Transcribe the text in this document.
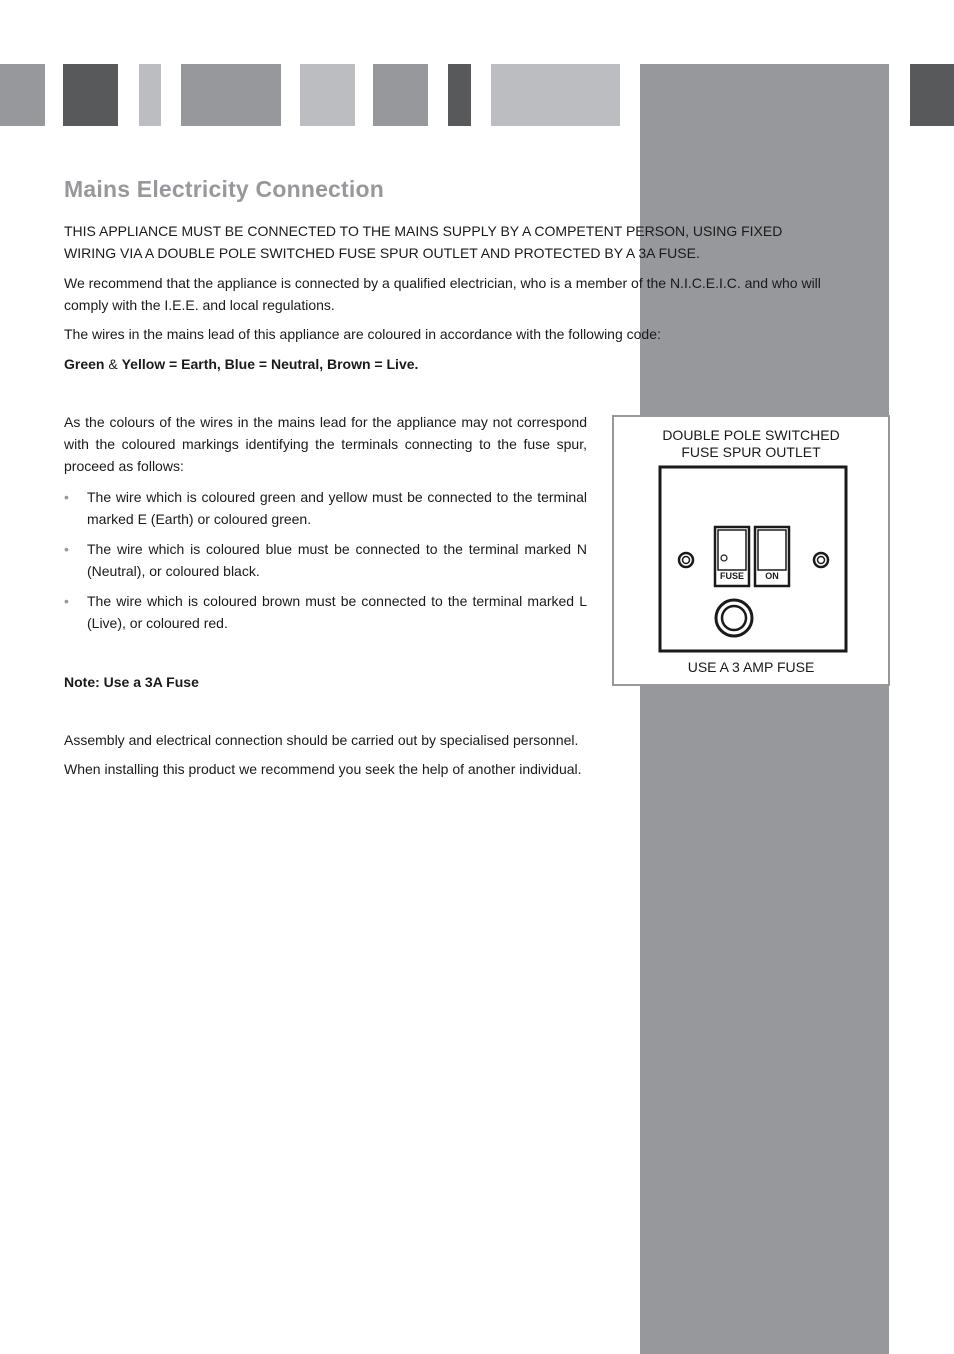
Mains Electricity Connection

THIS APPLIANCE MUST BE CONNECTED TO THE MAINS SUPPLY BY A COMPETENT PERSON, USING FIXED WIRING VIA A DOUBLE POLE SWITCHED FUSE SPUR OUTLET AND PROTECTED BY A 3A FUSE.

We recommend that the appliance is connected by a qualified electrician, who is a member of the N.I.C.E.I.C. and who will comply with the I.E.E. and local regulations.

The wires in the mains lead of this appliance are coloured in accordance with the following code:

Green & Yellow = Earth, Blue = Neutral, Brown = Live.

As the colours of the wires in the mains lead for the appliance may not correspond with the coloured markings identifying the terminals connecting to the fuse spur, proceed as follows:

• The wire which is coloured green and yellow must be connected to the terminal marked E (Earth) or coloured green.
• The wire which is coloured blue must be connected to the terminal marked N (Neutral), or coloured black.
• The wire which is coloured brown must be connected to the terminal marked L (Live), or coloured red.

Note: Use a 3A Fuse

Assembly and electrical connection should be carried out by specialised personnel.

When installing this product we recommend you seek the help of another individual.

DOUBLE POLE SWITCHED
FUSE SPUR OUTLET
FUSE	ON
USE A 3 AMP FUSE
